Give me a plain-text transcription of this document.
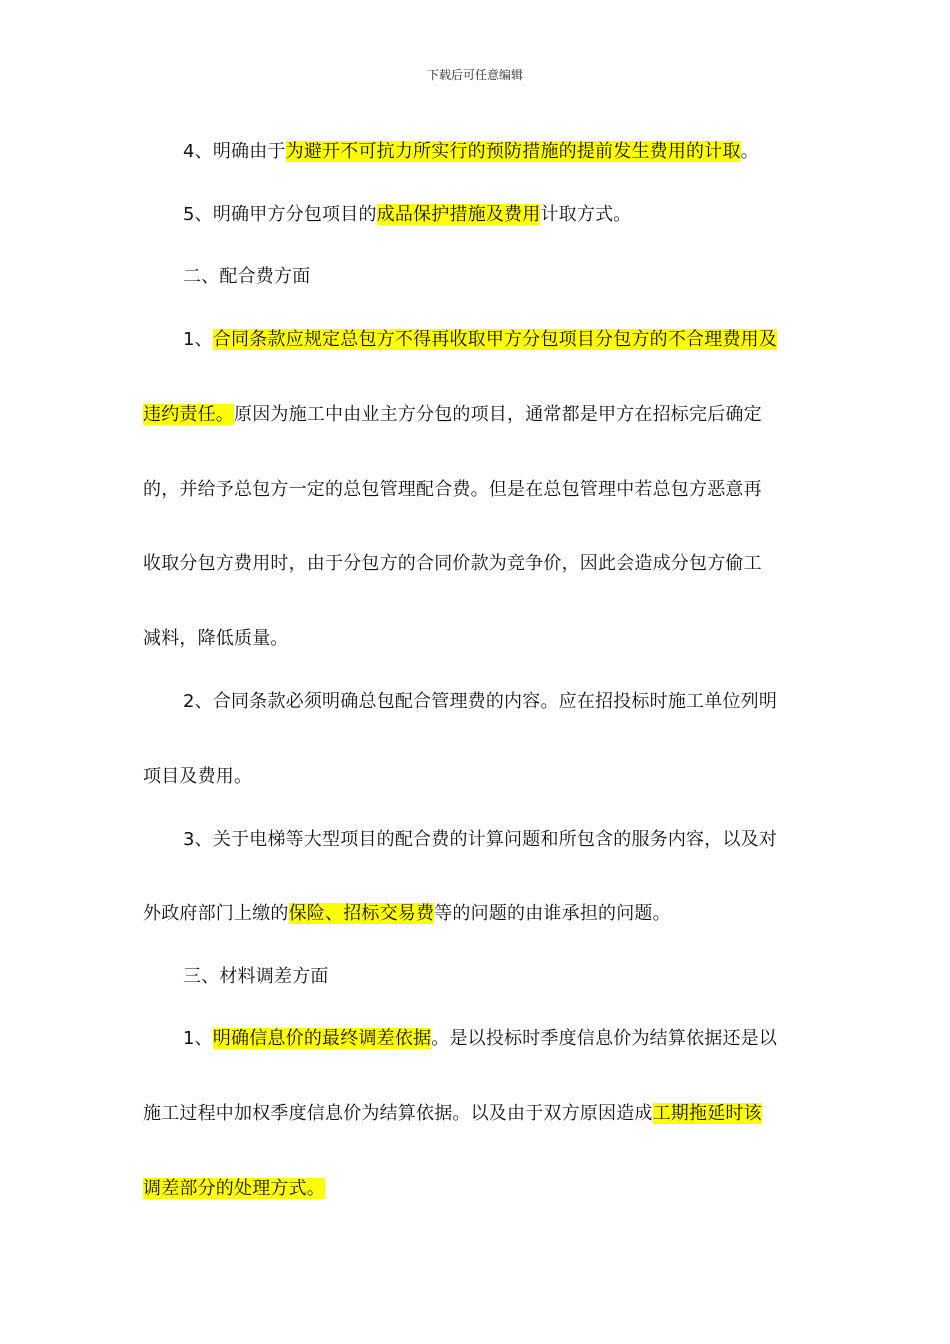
下载后可任意编辑
4、明确由于为避开不可抗力所实行的预防措施的提前发生费用的计取。
5、明确甲方分包项目的成品保护措施及费用计取方式。
二、配合费方面
1、合同条款应规定总包方不得再收取甲方分包项目分包方的不合理费用及
违约责任。原因为施工中由业主方分包的项目，通常都是甲方在招标完后确定
的，并给予总包方一定的总包管理配合费。但是在总包管理中若总包方恶意再
收取分包方费用时，由于分包方的合同价款为竞争价，因此会造成分包方偷工
减料，降低质量。
2、合同条款必须明确总包配合管理费的内容。应在招投标时施工单位列明
项目及费用。
3、关于电梯等大型项目的配合费的计算问题和所包含的服务内容，以及对
外政府部门上缴的保险、招标交易费等的问题的由谁承担的问题。
三、材料调差方面
1、明确信息价的最终调差依据。是以投标时季度信息价为结算依据还是以
施工过程中加权季度信息价为结算依据。以及由于双方原因造成工期拖延时该
调差部分的处理方式。
